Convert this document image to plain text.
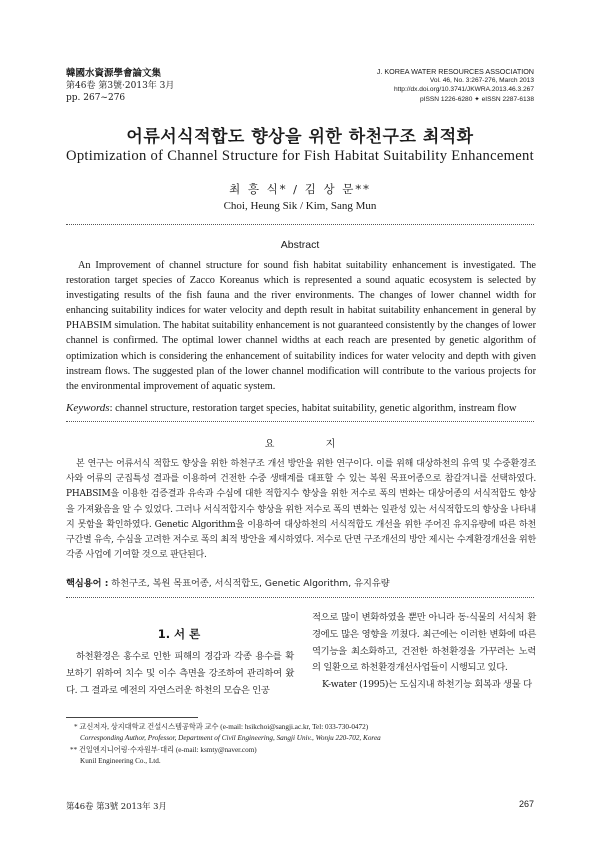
韓國水資源學會論文集
第46卷 第3號·2013年 3月
pp. 267~276
J. KOREA WATER RESOURCES ASSOCIATION
Vol. 46, No. 3:267-276, March 2013
http://dx.doi.org/10.3741/JKWRA.2013.46.3.267
pISSN 1226-6280 ✦ eISSN 2287-6138
어류서식적합도 향상을 위한 하천구조 최적화
Optimization of Channel Structure for Fish Habitat Suitability Enhancement
최 흥 식* / 김 상 문**
Choi, Heung Sik / Kim, Sang Mun
Abstract

An Improvement of channel structure for sound fish habitat suitability enhancement is investigated. The restoration target species of Zacco Koreanus which is represented a sound aquatic ecosystem is selected by investigating results of the fish fauna and the river environments. The changes of lower channel width for enhancing suitability indices for water velocity and depth result in habitat suitability enhancement in general by PHABSIM simulation. The habitat suitability enhancement is not guaranteed consistently by the changes of lower channel is confirmed. The optimal lower channel widths at each reach are presented by genetic algorithm of optimization which is considering the enhancement of suitability indices for water velocity and depth with given instream flows. The suggested plan of the lower channel modification will contribute to the various projects for the environmental improvement of aquatic system.

Keywords: channel structure, restoration target species, habitat suitability, genetic algorithm, instream flow
요 지

본 연구는 어류서식 적합도 향상을 위한 하천구조 개선 방안을 위한 연구이다. 이를 위해 대상하천의 유역 및 수중환경조사와 어류의 군집특성 결과를 이용하여 건전한 수중 생태계를 대표할 수 있는 복원 목표어종으로 참갈겨니를 선택하였다. PHABSIM을 이용한 검증결과 유속과 수심에 대한 적합지수 향상을 위한 저수로 폭의 변화는 대상어종의 서식적합도 향상을 가져왔음을 알 수 있었다. 그러나 서식적합지수 향상을 위한 저수로 폭의 변화는 일관성 있는 서식적합도의 향상을 나타내지 못함을 확인하였다. Genetic Algorithm을 이용하여 대상하천의 서식적합도 개선을 위한 주어진 유지유량에 따른 하천 구간별 유속, 수심을 고려한 저수로 폭의 최적 방안을 제시하였다. 저수로 단면 구조개선의 방안 제시는 수계환경개선을 위한 각종 사업에 기여할 것으로 판단된다.

핵심용어 : 하천구조, 복원 목표어종, 서식적합도, Genetic Algorithm, 유지유량
1. 서 론

하천환경은 홍수로 인한 피해의 경감과 각종 용수를 확보하기 위하여 치수 및 이수 측면을 강조하여 관리하여 왔다. 그 결과로 예전의 자연스러운 하천의 모습은 인공

적으로 많이 변화하였을 뿐만 아니라 동·식물의 서식처 환경에도 많은 영향을 끼쳤다. 최근에는 이러한 변화에 따른 역기능을 최소화하고, 건전한 하천환경을 가꾸려는 노력의 일환으로 하천환경개선사업들이 시행되고 있다.

K-water (1995)는 도심지내 하천기능 회복과 생물 다

* 교신저자, 상지대학교 건설시스템공학과 교수 (e-mail: hsikchoi@sangji.ac.kr, Tel: 033-730-0472)
Corresponding Author, Professor, Department of Civil Engineering, Sangji Univ., Wonju 220-702, Korea
** 건일엔지니어링·수자원부·대리 (e-mail: ksmty@naver.com)
Kunil Engineering Co., Ltd.
第46卷 第3號 2013年 3月	267
